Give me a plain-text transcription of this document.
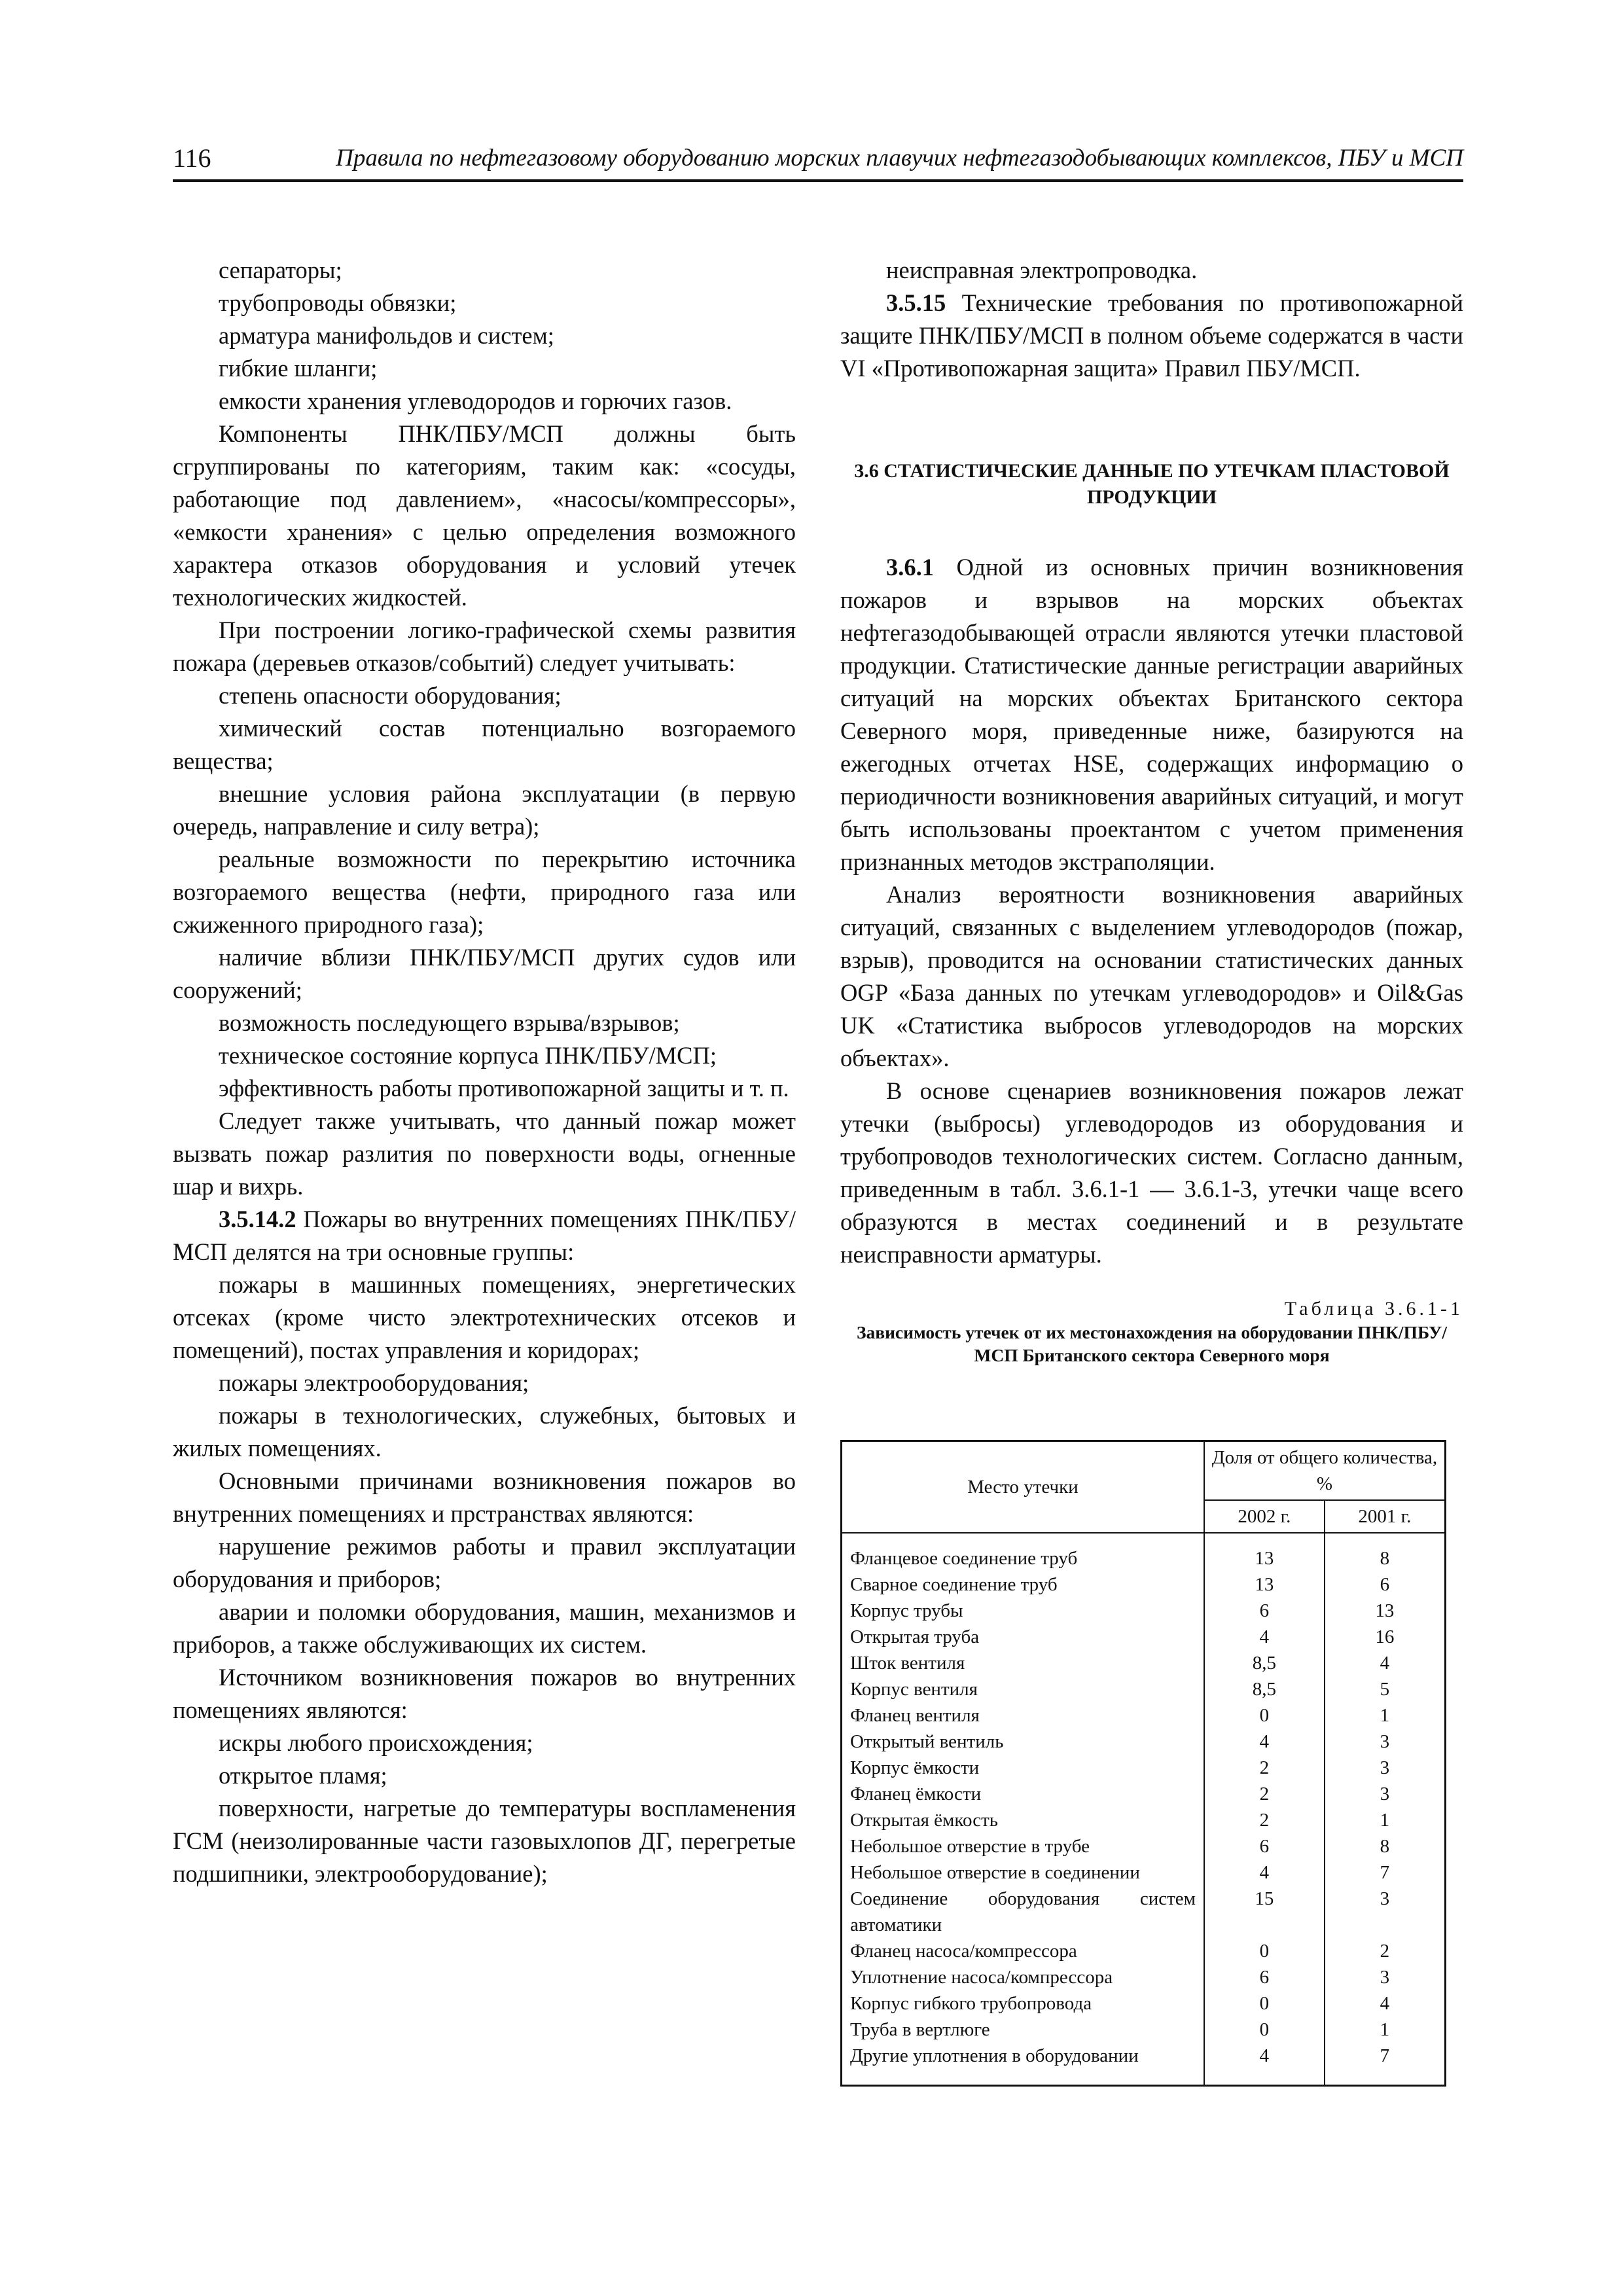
116	Правила по нефтегазовому оборудованию морских плавучих нефтегазодобывающих комплексов, ПБУ и МСП

сепараторы;

трубопроводы обвязки;

арматура манифольдов и систем;

гибкие шланги;

емкости хранения углеводородов и горючих газов.

Компоненты ПНК/ПБУ/МСП должны быть сгруппированы по категориям, таким как: «сосуды, работающие под давлением», «насосы/компрессоры», «емкости хранения» с целью определения возможного характера отказов оборудования и условий утечек технологических жидкостей.

При построении логико-графической схемы развития пожара (деревьев отказов/событий) следует учитывать:

степень опасности оборудования;

химический состав потенциально возгораемого вещества;

внешние условия района эксплуатации (в первую очередь, направление и силу ветра);

реальные возможности по перекрытию источника возгораемого вещества (нефти, природного газа или сжиженного природного газа);

наличие вблизи ПНК/ПБУ/МСП других судов или сооружений;

возможность последующего взрыва/взрывов;

техническое состояние корпуса ПНК/ПБУ/МСП;

эффективность работы противопожарной защиты и т. п.

Следует также учитывать, что данный пожар может вызвать пожар разлития по поверхности воды, огненные шар и вихрь.

3.5.14.2 Пожары во внутренних помещениях ПНК/ПБУ/МСП делятся на три основные группы:

пожары в машинных помещениях, энергетических отсеках (кроме чисто электротехнических отсеков и помещений), постах управления и коридорах;

пожары электрооборудования;

пожары в технологических, служебных, бытовых и жилых помещениях.

Основными причинами возникновения пожаров во внутренних помещениях и прстранствах являются:

нарушение режимов работы и правил эксплуатации оборудования и приборов;

аварии и поломки оборудования, машин, механизмов и приборов, а также обслуживающих их систем.

Источником возникновения пожаров во внутренних помещениях являются:

искры любого происхождения;

открытое пламя;

поверхности, нагретые до температуры воспламенения ГСМ (неизолированные части газовыхлопов ДГ, перегретые подшипники, электрооборудование);

неисправная электропроводка.

3.5.15 Технические требования по противопожарной защите ПНК/ПБУ/МСП в полном объеме содержатся в части VI «Противопожарная защита» Правил ПБУ/МСП.

3.6 СТАТИСТИЧЕСКИЕ ДАННЫЕ ПО УТЕЧКАМ ПЛАСТОВОЙ ПРОДУКЦИИ

3.6.1 Одной из основных причин возникновения пожаров и взрывов на морских объектах нефтегазодобывающей отрасли являются утечки пластовой продукции. Статистические данные регистрации аварийных ситуаций на морских объектах Британского сектора Северного моря, приведенные ниже, базируются на ежегодных отчетах HSE, содержащих информацию о периодичности возникновения аварийных ситуаций, и могут быть использованы проектантом с учетом применения признанных методов экстраполяции.

Анализ вероятности возникновения аварийных ситуаций, связанных с выделением углеводородов (пожар, взрыв), проводится на основании статистических данных OGP «База данных по утечкам углеводородов» и Oil&Gas UK «Статистика выбросов углеводородов на морских объектах».

В основе сценариев возникновения пожаров лежат утечки (выбросы) углеводородов из оборудования и трубопроводов технологических систем. Согласно данным, приведенным в табл. 3.6.1-1 — 3.6.1-3, утечки чаще всего образуются в местах соединений и в результате неисправности арматуры.

Таблица 3.6.1-1

Зависимость утечек от их местонахождения на оборудовании ПНК/ПБУ/МСП Британского сектора Северного моря

Место утечки	Доля от общего количества, %	
	2002 г.	2001 г.
Фланцевое соединение труб	13	8
Сварное соединение труб	13	6
Корпус трубы	6	13
Открытая труба	4	16
Шток вентиля	8,5	4
Корпус вентиля	8,5	5
Фланец вентиля	0	1
Открытый вентиль	4	3
Корпус ёмкости	2	3
Фланец ёмкости	2	3
Открытая ёмкость	2	1
Небольшое отверстие в трубе	6	8
Небольшое отверстие в соединении	4	7
Соединение оборудования систем автоматики	15	3
Фланец насоса/компрессора	0	2
Уплотнение насоса/компрессора	6	3
Корпус гибкого трубопровода	0	4
Труба в вертлюге	0	1
Другие уплотнения в оборудовании	4	7
